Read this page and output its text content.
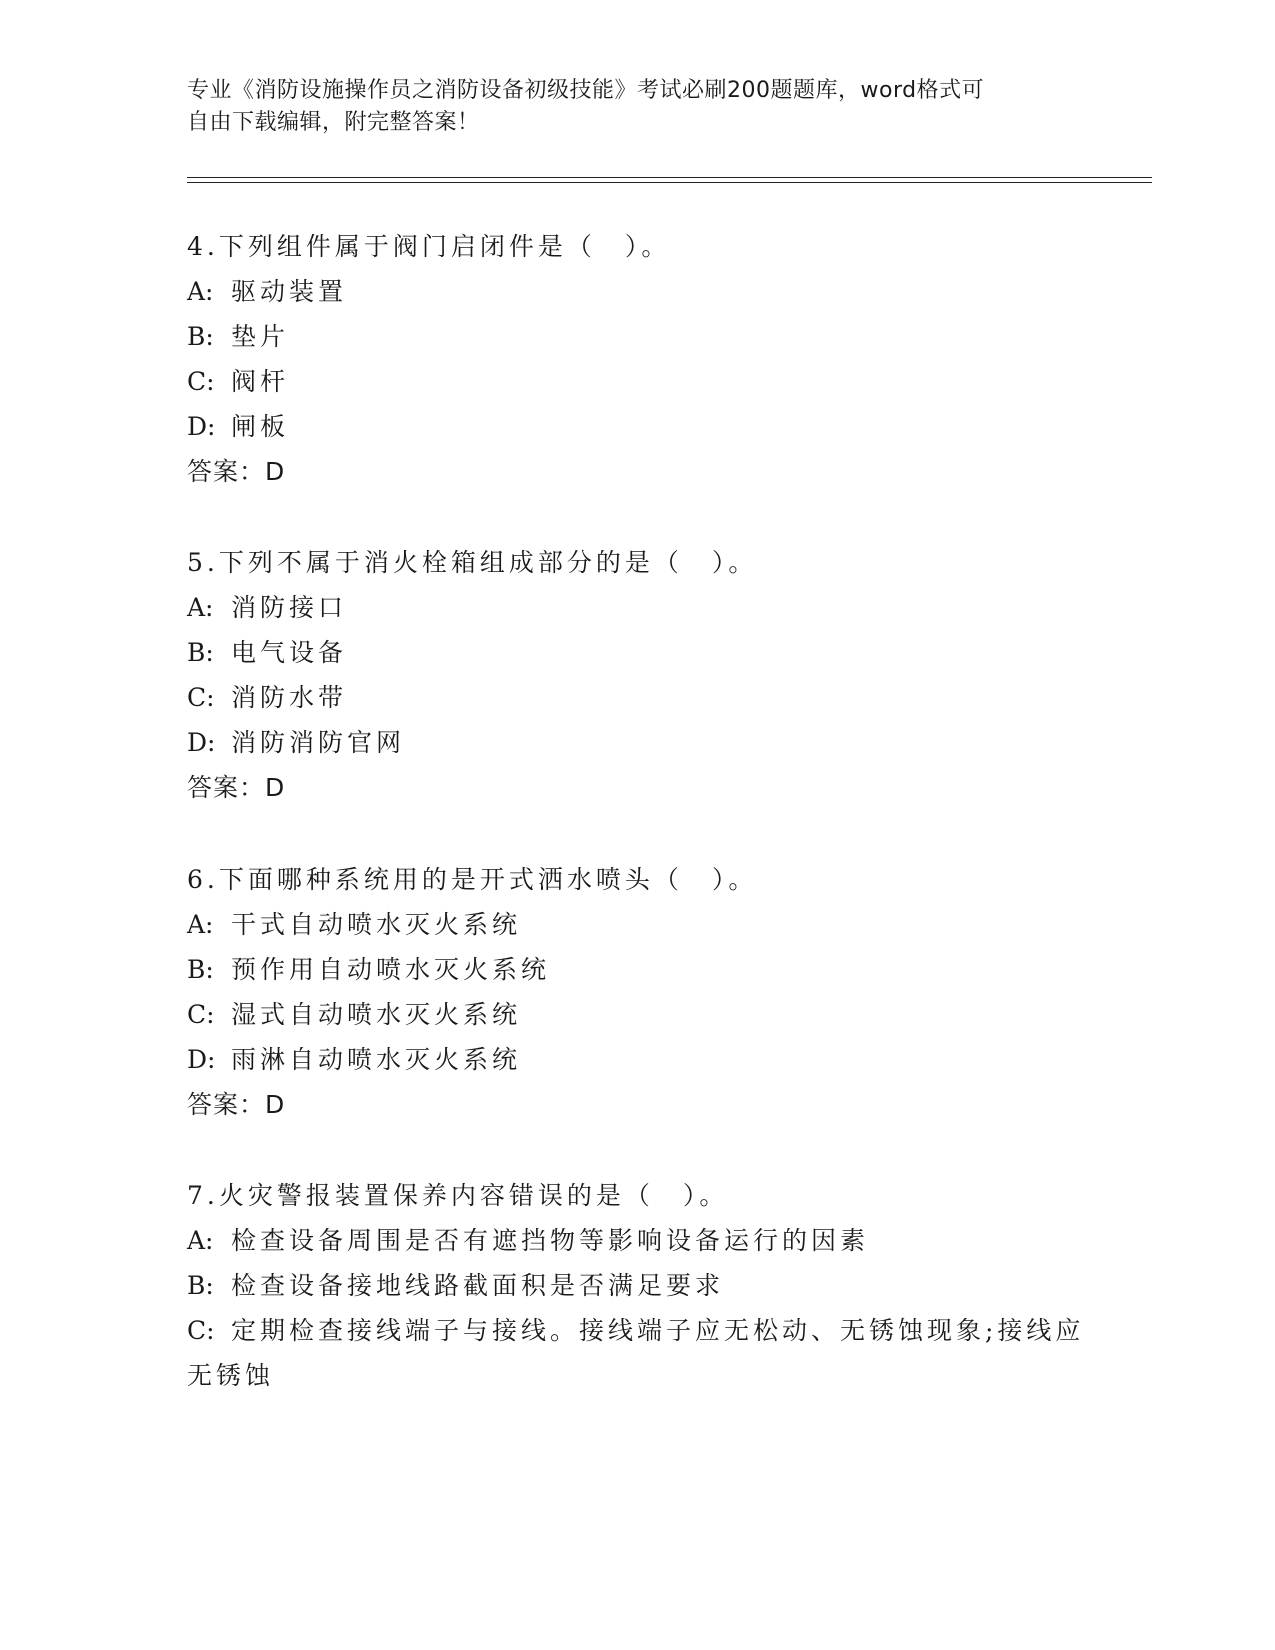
专业《消防设施操作员之消防设备初级技能》考试必刷200题题库，word格式可
自由下载编辑，附完整答案！
4.下列组件属于阀门启闭件是（　）。
A: 驱动装置
B: 垫片
C: 阀杆
D: 闸板
答案：D
5.下列不属于消火栓箱组成部分的是（　）。
A: 消防接口
B: 电气设备
C: 消防水带
D: 消防消防官网
答案：D
6.下面哪种系统用的是开式洒水喷头（　）。
A: 干式自动喷水灭火系统
B: 预作用自动喷水灭火系统
C: 湿式自动喷水灭火系统
D: 雨淋自动喷水灭火系统
答案：D
7.火灾警报装置保养内容错误的是（　）。
A: 检查设备周围是否有遮挡物等影响设备运行的因素
B: 检查设备接地线路截面积是否满足要求
C: 定期检查接线端子与接线。接线端子应无松动、无锈蚀现象;接线应无锈蚀
